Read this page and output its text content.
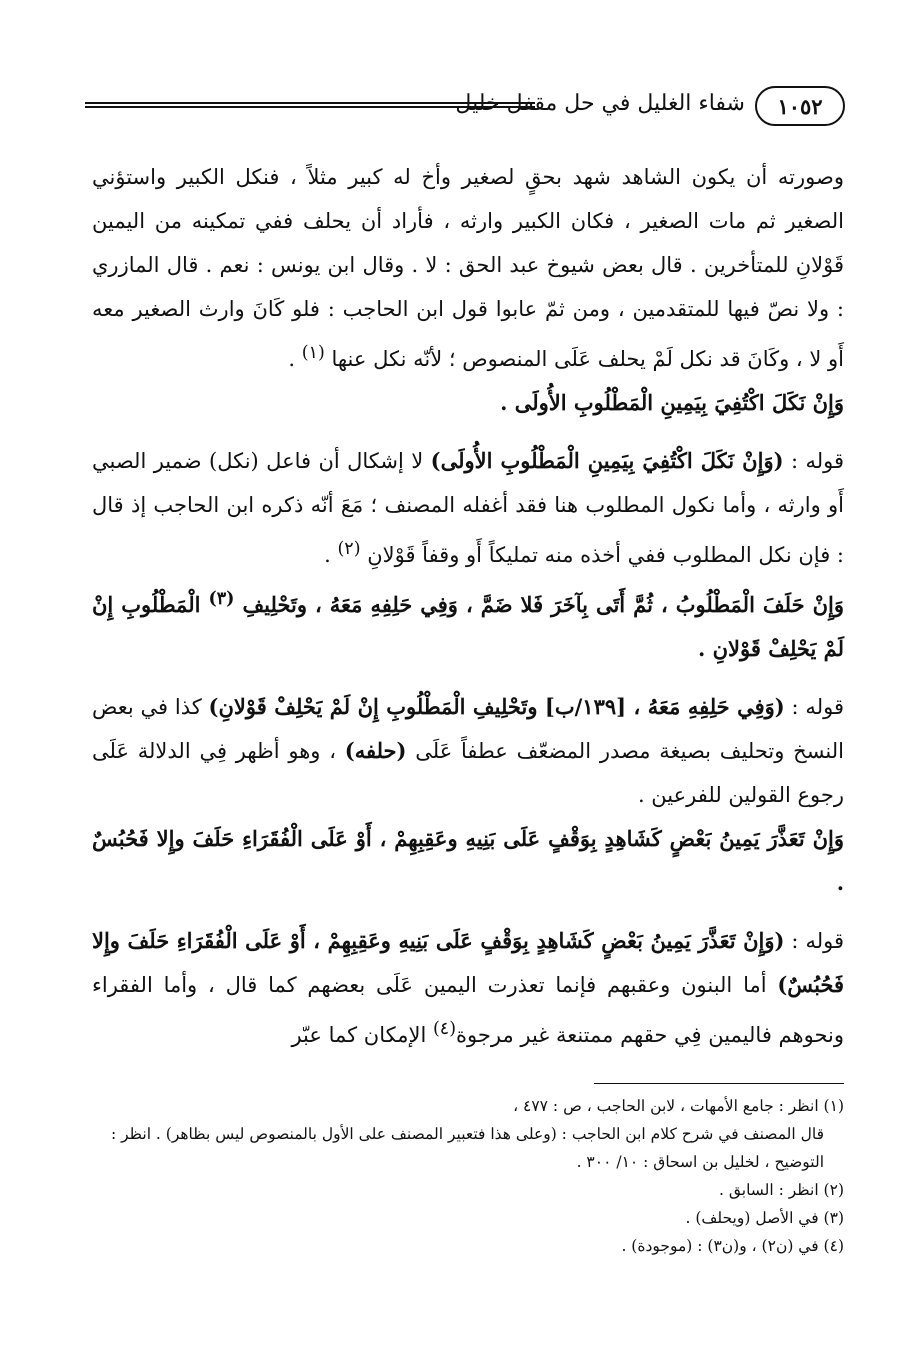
١٠٥٢
شفاء الغليل في حل مقفل خليل

وصورته أن يكون الشاهد شهد بحقٍ لصغير وأخ له كبير مثلاً ، فنكل الكبير واستؤني الصغير ثم مات الصغير ، فكان الكبير وارثه ، فأراد أن يحلف ففي تمكينه من اليمين قَوْلانِ للمتأخرين . قال بعض شيوخ عبد الحق : لا . وقال ابن يونس : نعم . قال المازري : ولا نصّ فيها للمتقدمين ، ومن ثمّ عابوا قول ابن الحاجب : فلو كَانَ وارث الصغير معه أَو لا ، وكَانَ قد نكل لَمْ يحلف عَلَى المنصوص ؛ لأنّه نكل عنها $^{(١)}$ .

وَإِنْ نَكَلَ اكْتُفِيَ بِيَمِينِ الْمَطْلُوبِ الأُولَى .

قوله : (وَإِنْ نَكَلَ اكْتُفِيَ بِيَمِينِ الْمَطْلُوبِ الأُولَى) لا إشكال أن فاعل (نكل) ضمير الصبي أَو وارثه ، وأما نكول المطلوب هنا فقد أغفله المصنف ؛ مَعَ أنّه ذكره ابن الحاجب إذ قال : فإن نكل المطلوب ففي أخذه منه تمليكاً أَو وقفاً قَوْلانِ $^{(٢)}$ .

وَإِنْ حَلَفَ الْمَطْلُوبُ ، ثُمَّ أَتَى بِآخَرَ فَلا ضَمَّ ، وَفِي حَلِفِهِ مَعَهُ ، وتَحْلِيفِ $^{(٣)}$ الْمَطْلُوبِ إِنْ لَمْ يَحْلِفْ قَوْلانِ .

قوله : (وَفِي حَلِفِهِ مَعَهُ ، [١٣٩/ب] وتَحْلِيفِ الْمَطْلُوبِ إِنْ لَمْ يَحْلِفْ قَوْلانِ) كذا في بعض النسخ وتحليف بصيغة مصدر المضعّف عطفاً عَلَى (حلفه) ، وهو أظهر فِي الدلالة عَلَى رجوع القولين للفرعين .

وَإِنْ تَعَذَّرَ يَمِينُ بَعْضٍ كَشَاهِدٍ بِوَقْفٍ عَلَى بَنِيهِ وعَقِبِهِمْ ، أَوْ عَلَى الْفُقَرَاءِ حَلَفَ وإِلا فَحُبُسٌ .

قوله : (وَإِنْ تَعَذَّرَ يَمِينُ بَعْضٍ كَشَاهِدٍ بِوَقْفٍ عَلَى بَنِيهِ وعَقِبِهِمْ ، أَوْ عَلَى الْفُقَرَاءِ حَلَفَ وإِلا فَحُبُسٌ) أما البنون وعقبهم فإنما تعذرت اليمين عَلَى بعضهم كما قال ، وأما الفقراء ونحوهم فاليمين فِي حقهم ممتنعة غير مرجوة$^{(٤)}$ الإمكان كما عبّر

(١) انظر : جامع الأمهات ، لابن الحاجب ، ص : ٤٧٧ ،

قال المصنف في شرح كلام ابن الحاجب : (وعلى هذا فتعبير المصنف على الأول بالمنصوص ليس بظاهر) . انظر :

التوضيح ، لخليل بن اسحاق : ١٠/ ٣٠٠ .

(٢) انظر : السابق .

(٣) في الأصل (ويحلف) .

(٤) في (ن٢) ، و(ن٣) : (موجودة) .
